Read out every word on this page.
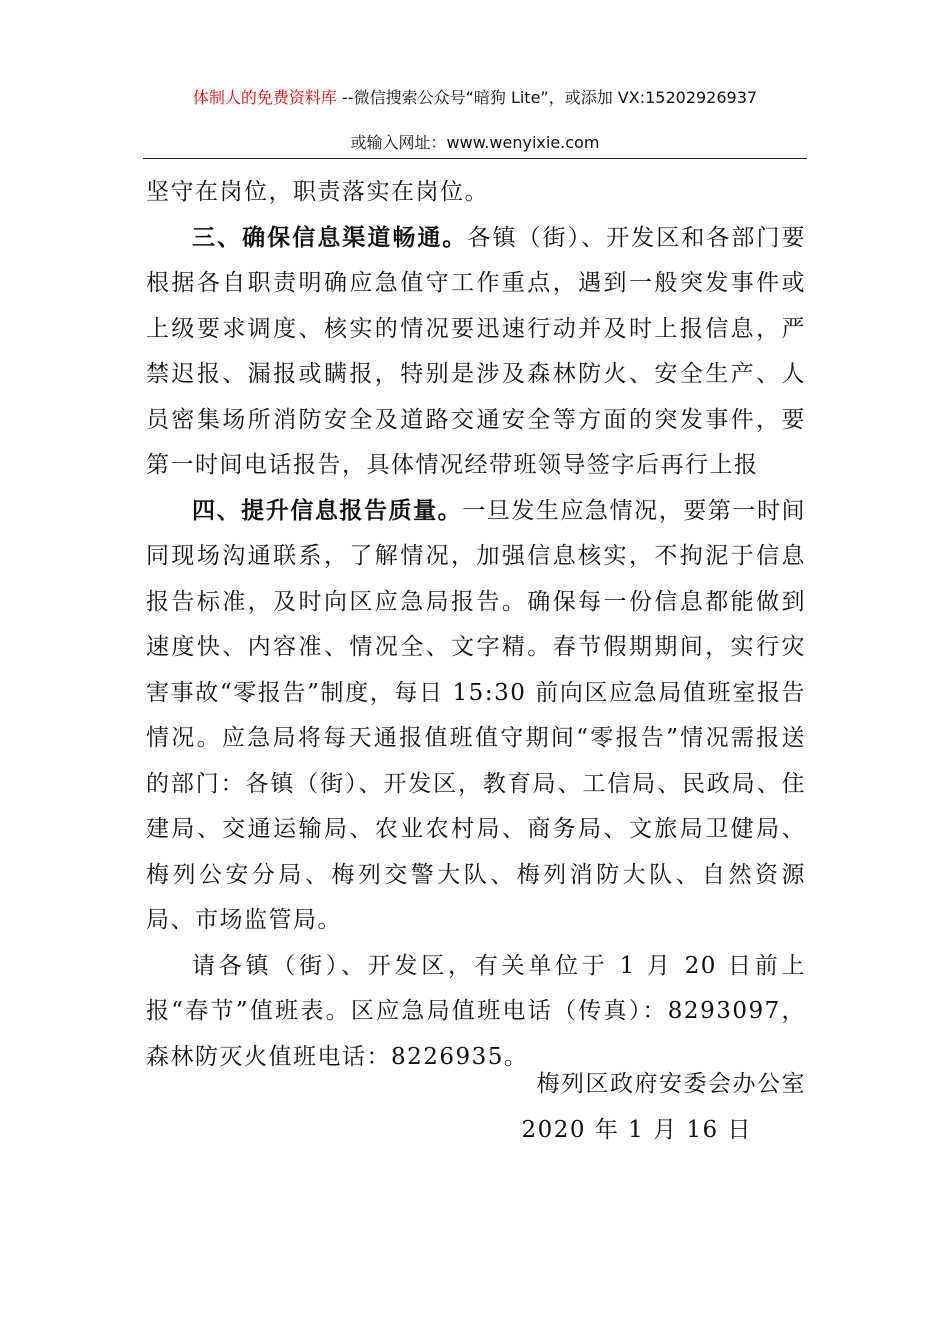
体制人的免费资料库 --微信搜索公众号“暗狗 Lite”，或添加 VX:15202926937
或输入网址：www.wenyixie.com

坚守在岗位，职责落实在岗位。

三、确保信息渠道畅通。各镇（街）、开发区和各部门要根据各自职责明确应急值守工作重点，遇到一般突发事件或上级要求调度、核实的情况要迅速行动并及时上报信息，严禁迟报、漏报或瞒报，特别是涉及森林防火、安全生产、人员密集场所消防安全及道路交通安全等方面的突发事件，要第一时间电话报告，具体情况经带班领导签字后再行上报

四、提升信息报告质量。一旦发生应急情况，要第一时间同现场沟通联系，了解情况，加强信息核实，不拘泥于信息报告标准，及时向区应急局报告。确保每一份信息都能做到速度快、内容准、情况全、文字精。春节假期期间，实行灾害事故“零报告”制度，每日 15:30 前向区应急局值班室报告情况。应急局将每天通报值班值守期间“零报告”情况需报送的部门：各镇（街）、开发区，教育局、工信局、民政局、住建局、交通运输局、农业农村局、商务局、文旅局卫健局、梅列公安分局、梅列交警大队、梅列消防大队、自然资源局、市场监管局。

请各镇（街）、开发区，有关单位于 1 月 20 日前上报“春节”值班表。区应急局值班电话（传真）：8293097，森林防灭火值班电话：8226935。

梅列区政府安委会办公室
2020 年 1 月 16 日
